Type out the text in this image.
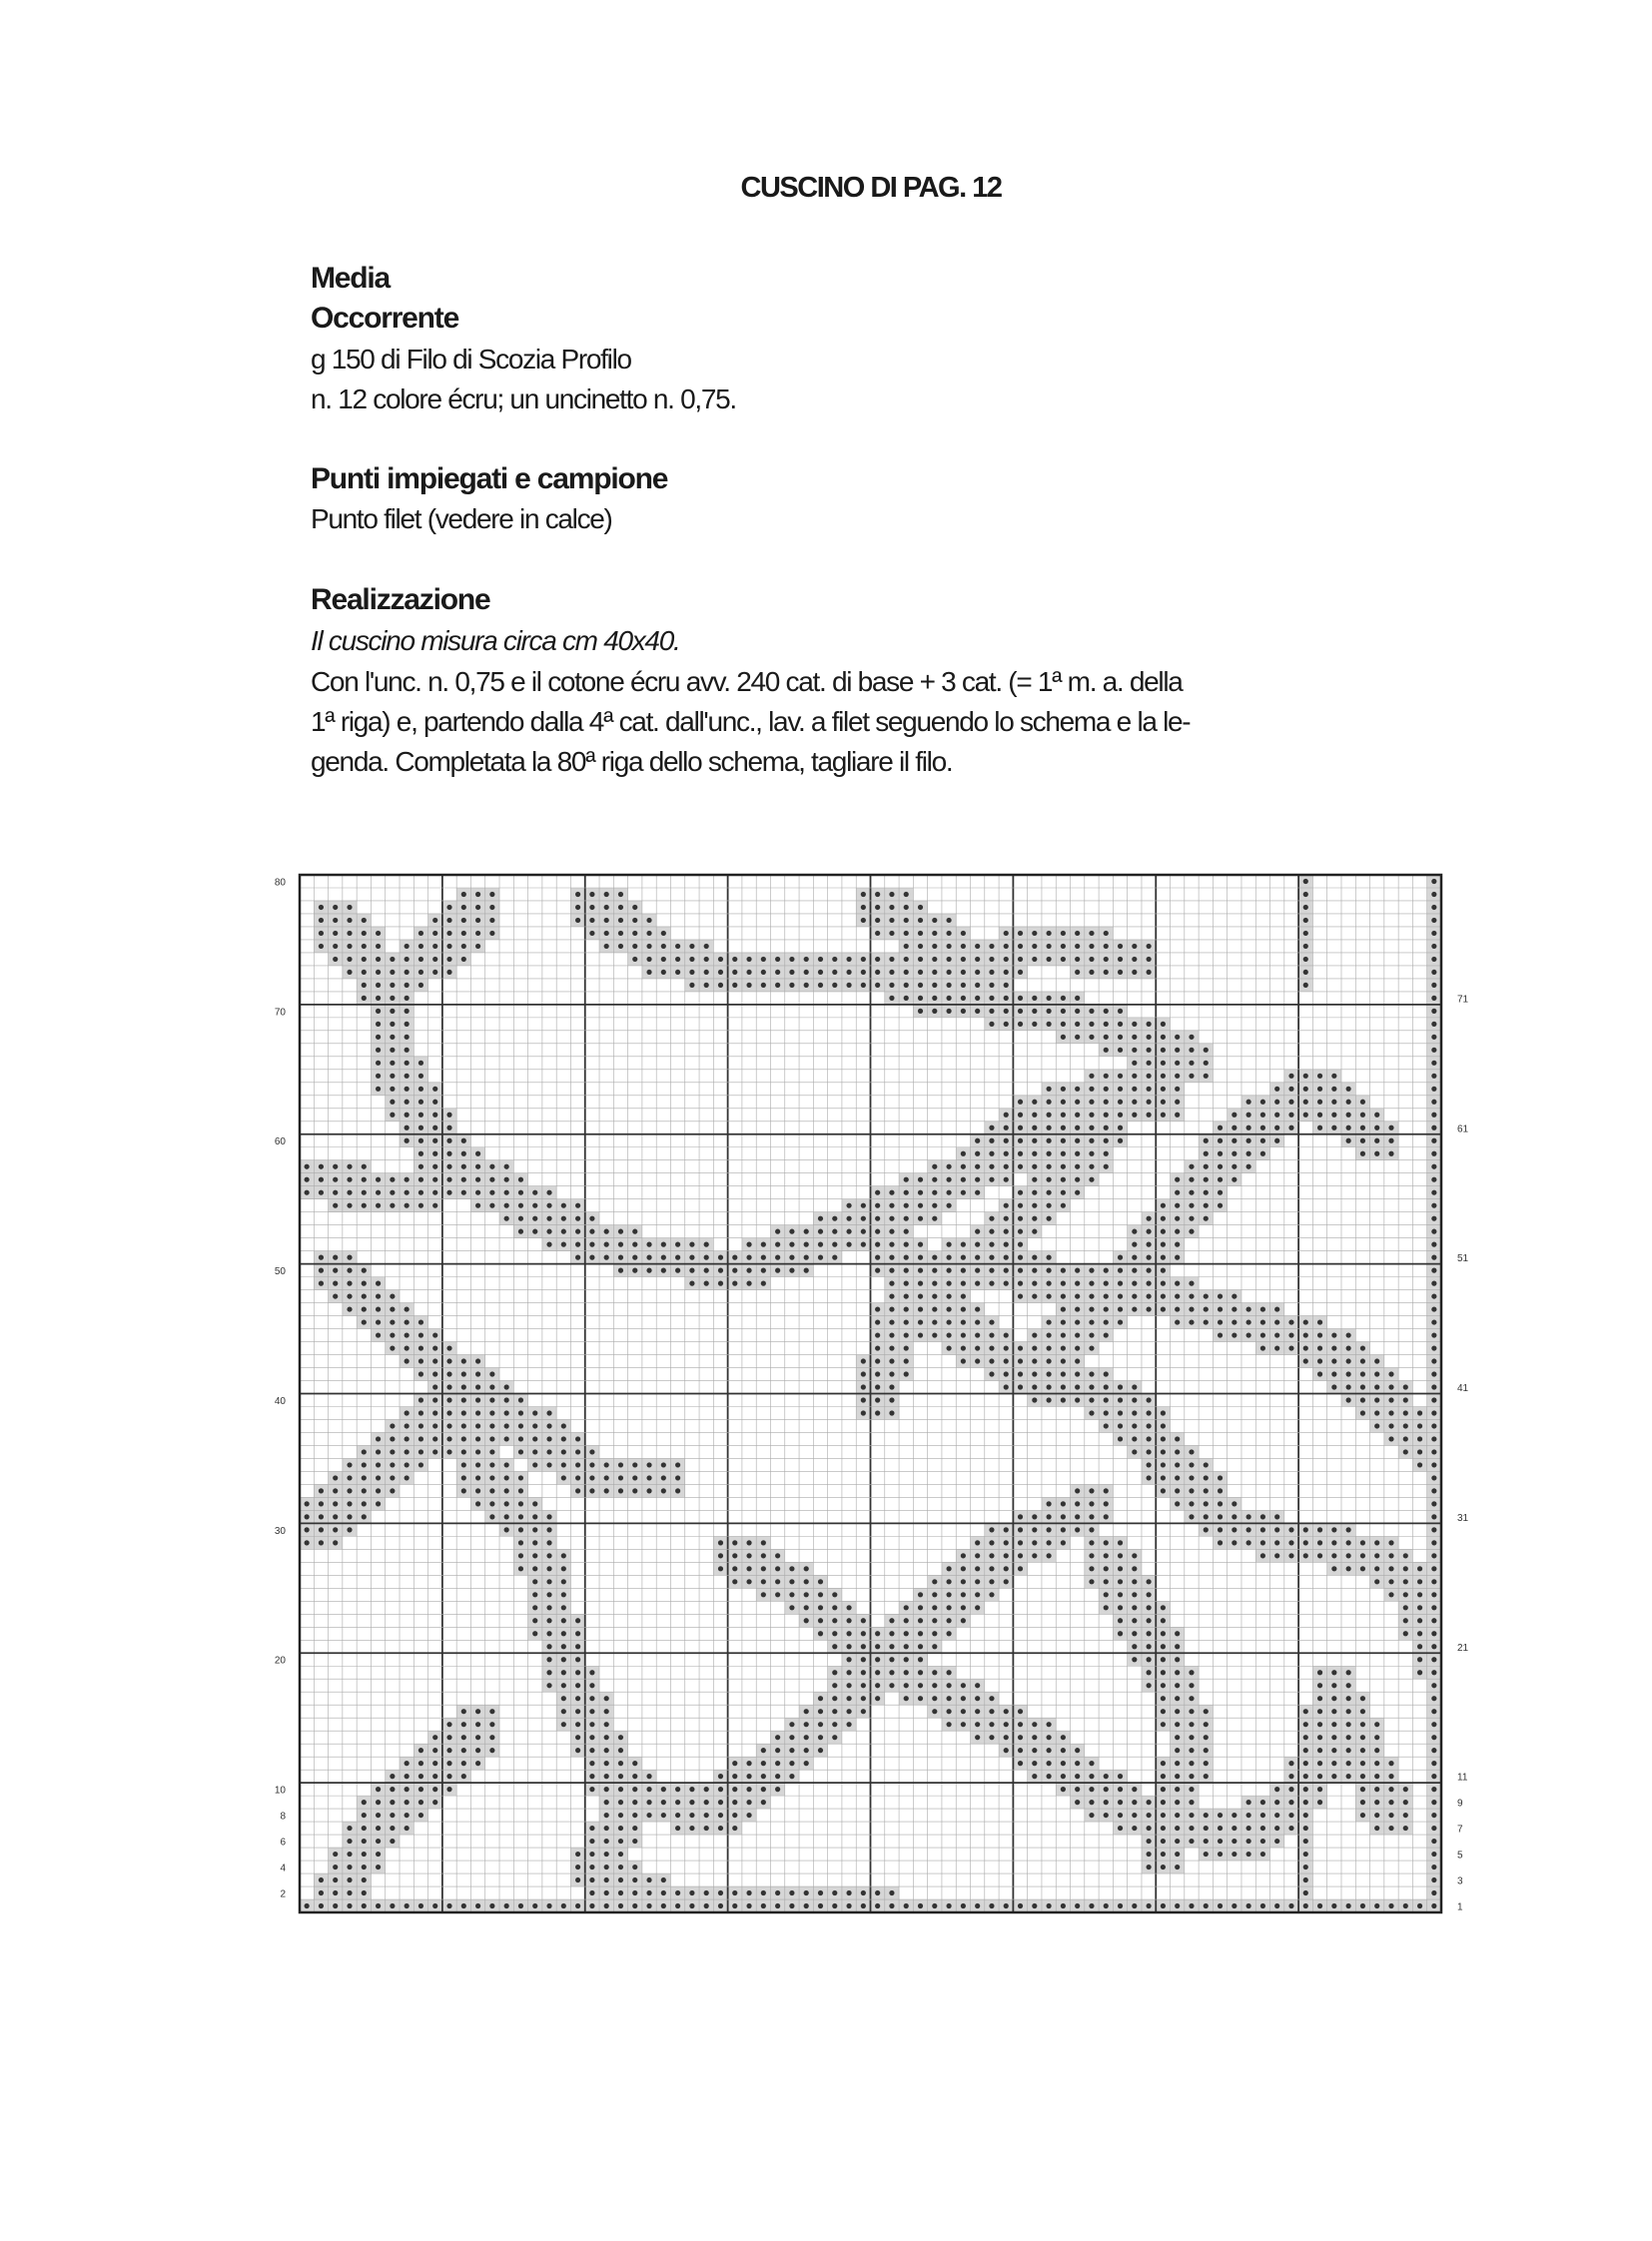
CUSCINO DI PAG. 12
Media
Occorrente
g 150 di Filo di Scozia Profilo
n. 12 colore écru; un uncinetto n. 0,75.
Punti impiegati e campione
Punto filet (vedere in calce)
Realizzazione
Il cuscino misura circa cm 40x40.
Con l'unc. n. 0,75 e il cotone écru avv. 240 cat. di base + 3 cat. (= 1ª m. a. della
1ª riga) e, partendo dalla 4ª cat. dall'unc., lav. a filet seguendo lo schema e la le-
genda. Completata la 80ª riga dello schema, tagliare il filo.
80
70
60
50
40
30
20
10
8
6
4
2
71
61
51
41
31
21
11
9
7
5
3
1
